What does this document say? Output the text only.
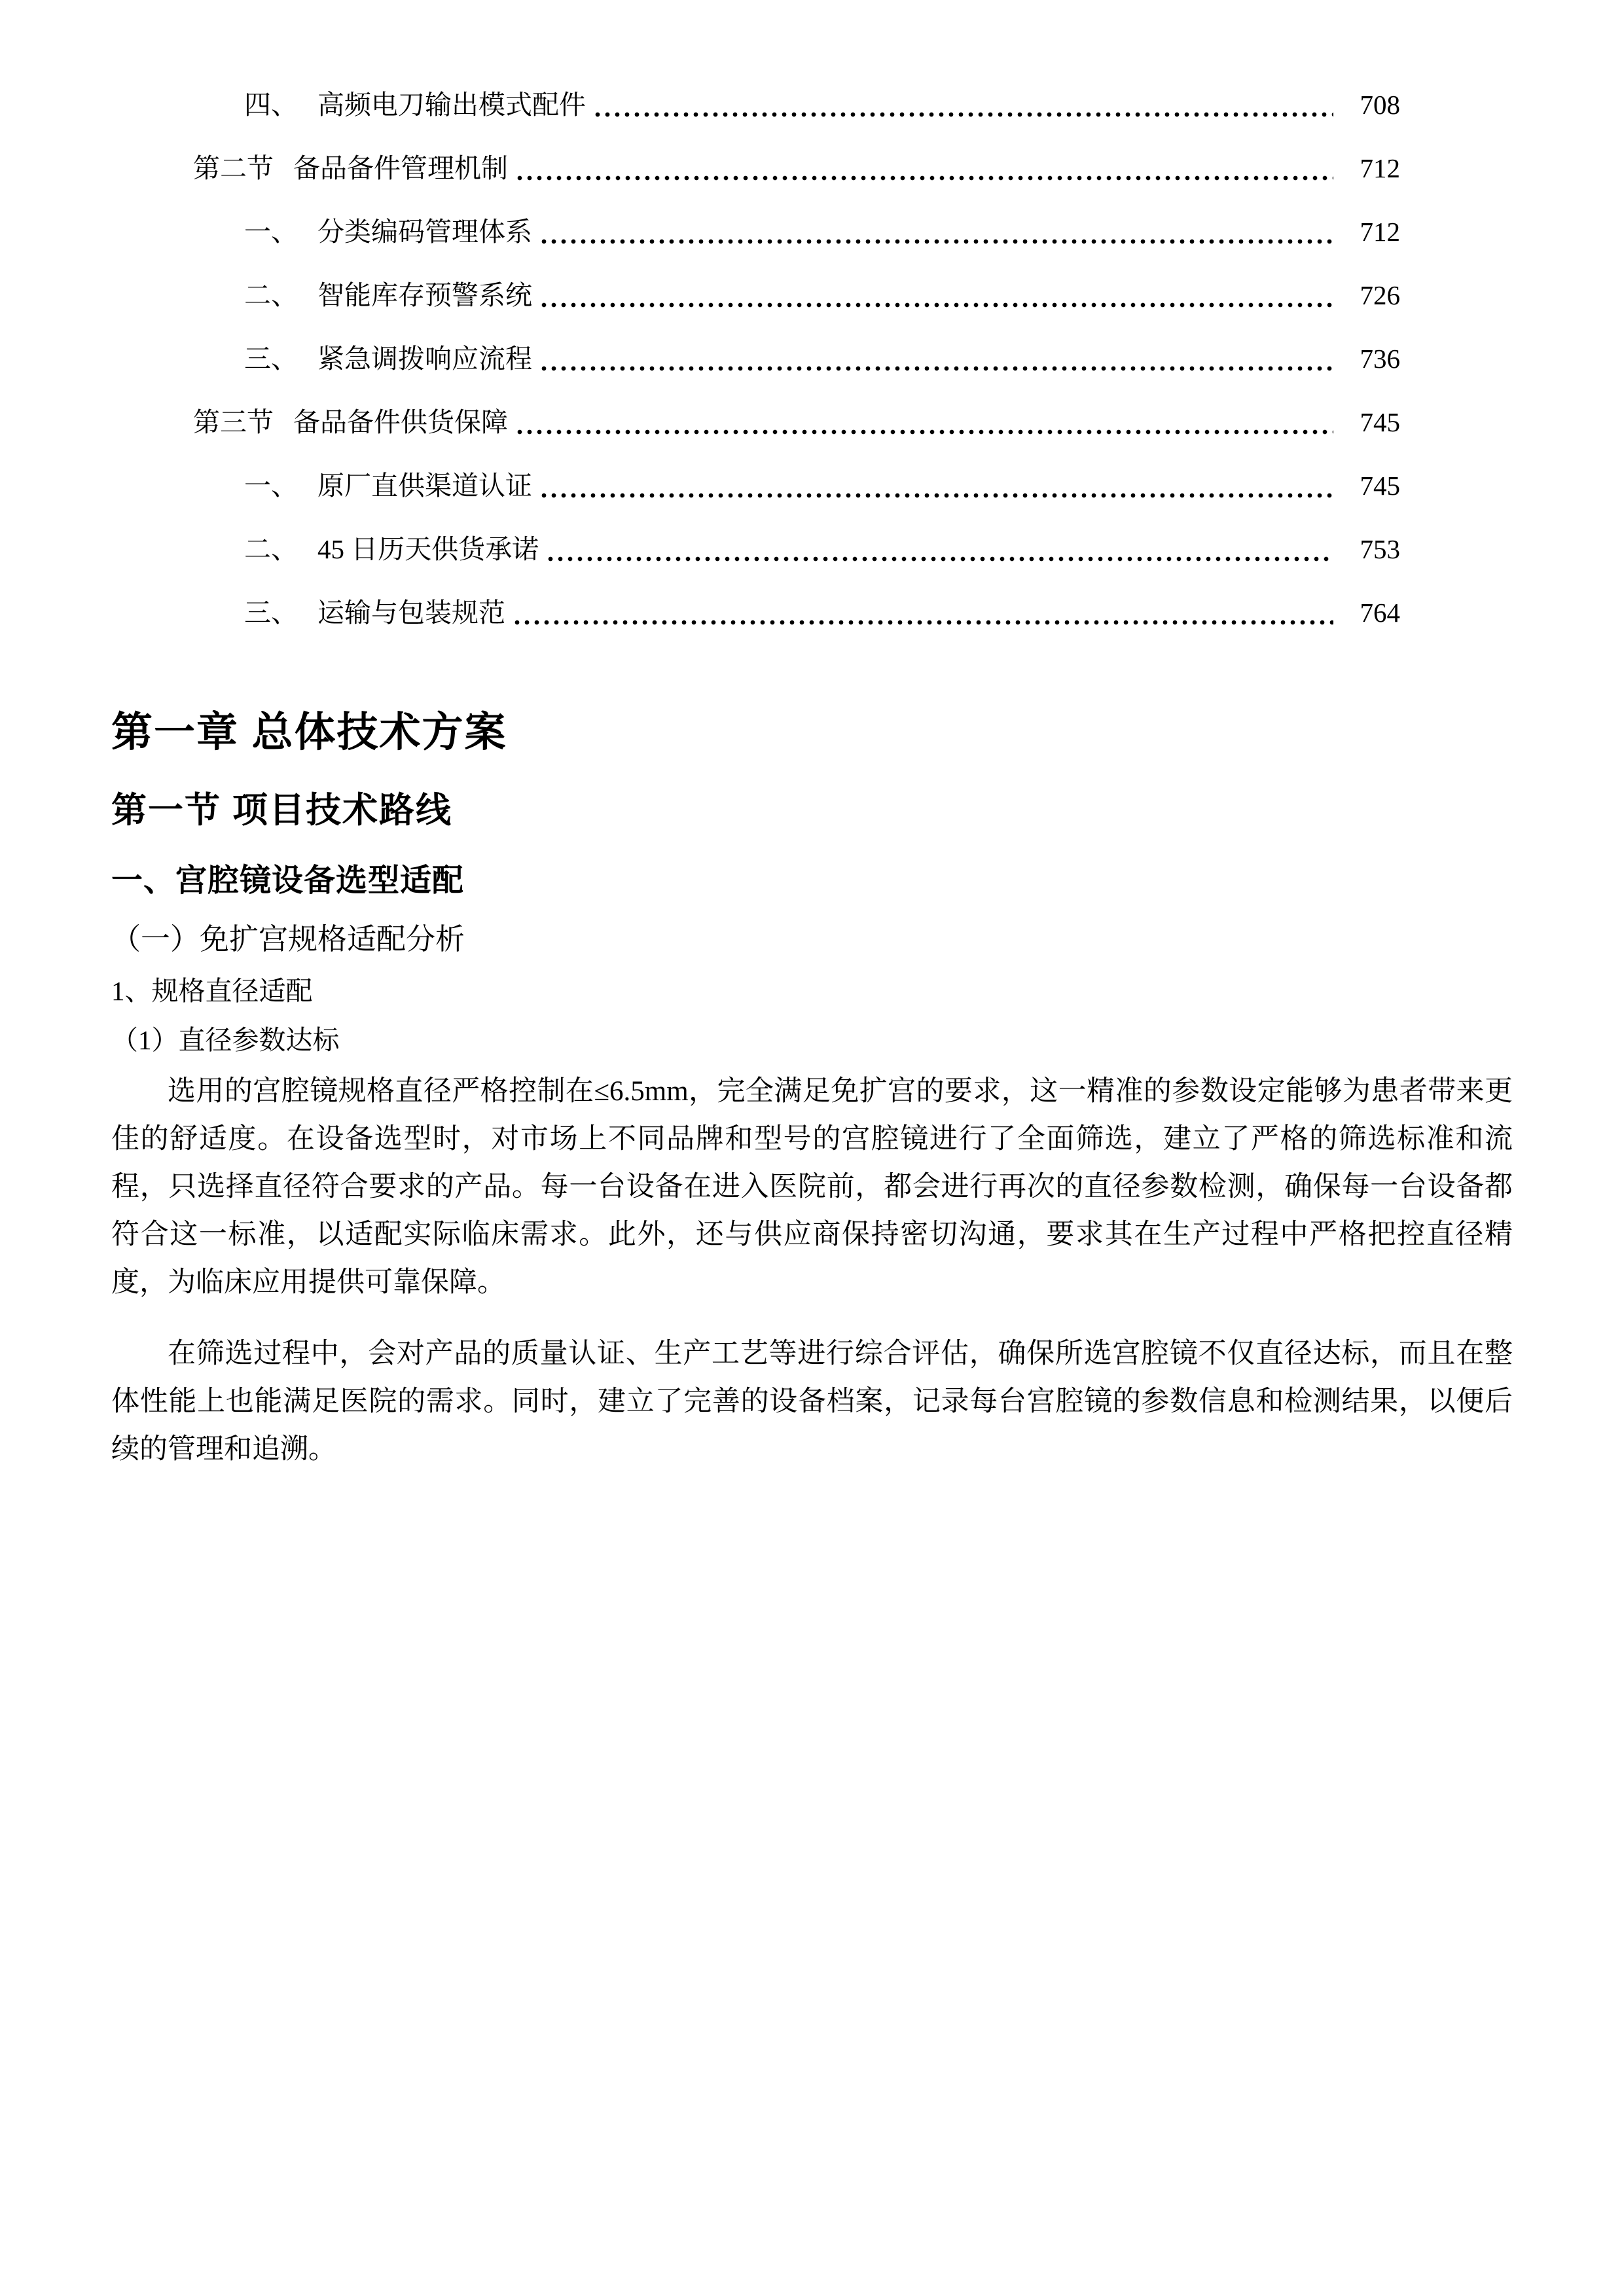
四、 高频电刀输出模式配件	708
第二节 备品备件管理机制	712
一、 分类编码管理体系	712
二、 智能库存预警系统	726
三、 紧急调拨响应流程	736
第三节 备品备件供货保障	745
一、 原厂直供渠道认证	745
二、 45 日历天供货承诺	753
三、 运输与包装规范	764
第一章 总体技术方案
第一节 项目技术路线
一、宫腔镜设备选型适配
（一）免扩宫规格适配分析
1、规格直径适配
（1）直径参数达标

选用的宫腔镜规格直径严格控制在≤6.5mm，完全满足免扩宫的要求，这一精准的参数设定能够为患者带来更佳的舒适度。在设备选型时，对市场上不同品牌和型号的宫腔镜进行了全面筛选，建立了严格的筛选标准和流程，只选择直径符合要求的产品。每一台设备在进入医院前，都会进行再次的直径参数检测，确保每一台设备都符合这一标准，以适配实际临床需求。此外，还与供应商保持密切沟通，要求其在生产过程中严格把控直径精度，为临床应用提供可靠保障。

在筛选过程中，会对产品的质量认证、生产工艺等进行综合评估，确保所选宫腔镜不仅直径达标，而且在整体性能上也能满足医院的需求。同时，建立了完善的设备档案，记录每台宫腔镜的参数信息和检测结果，以便后续的管理和追溯。
